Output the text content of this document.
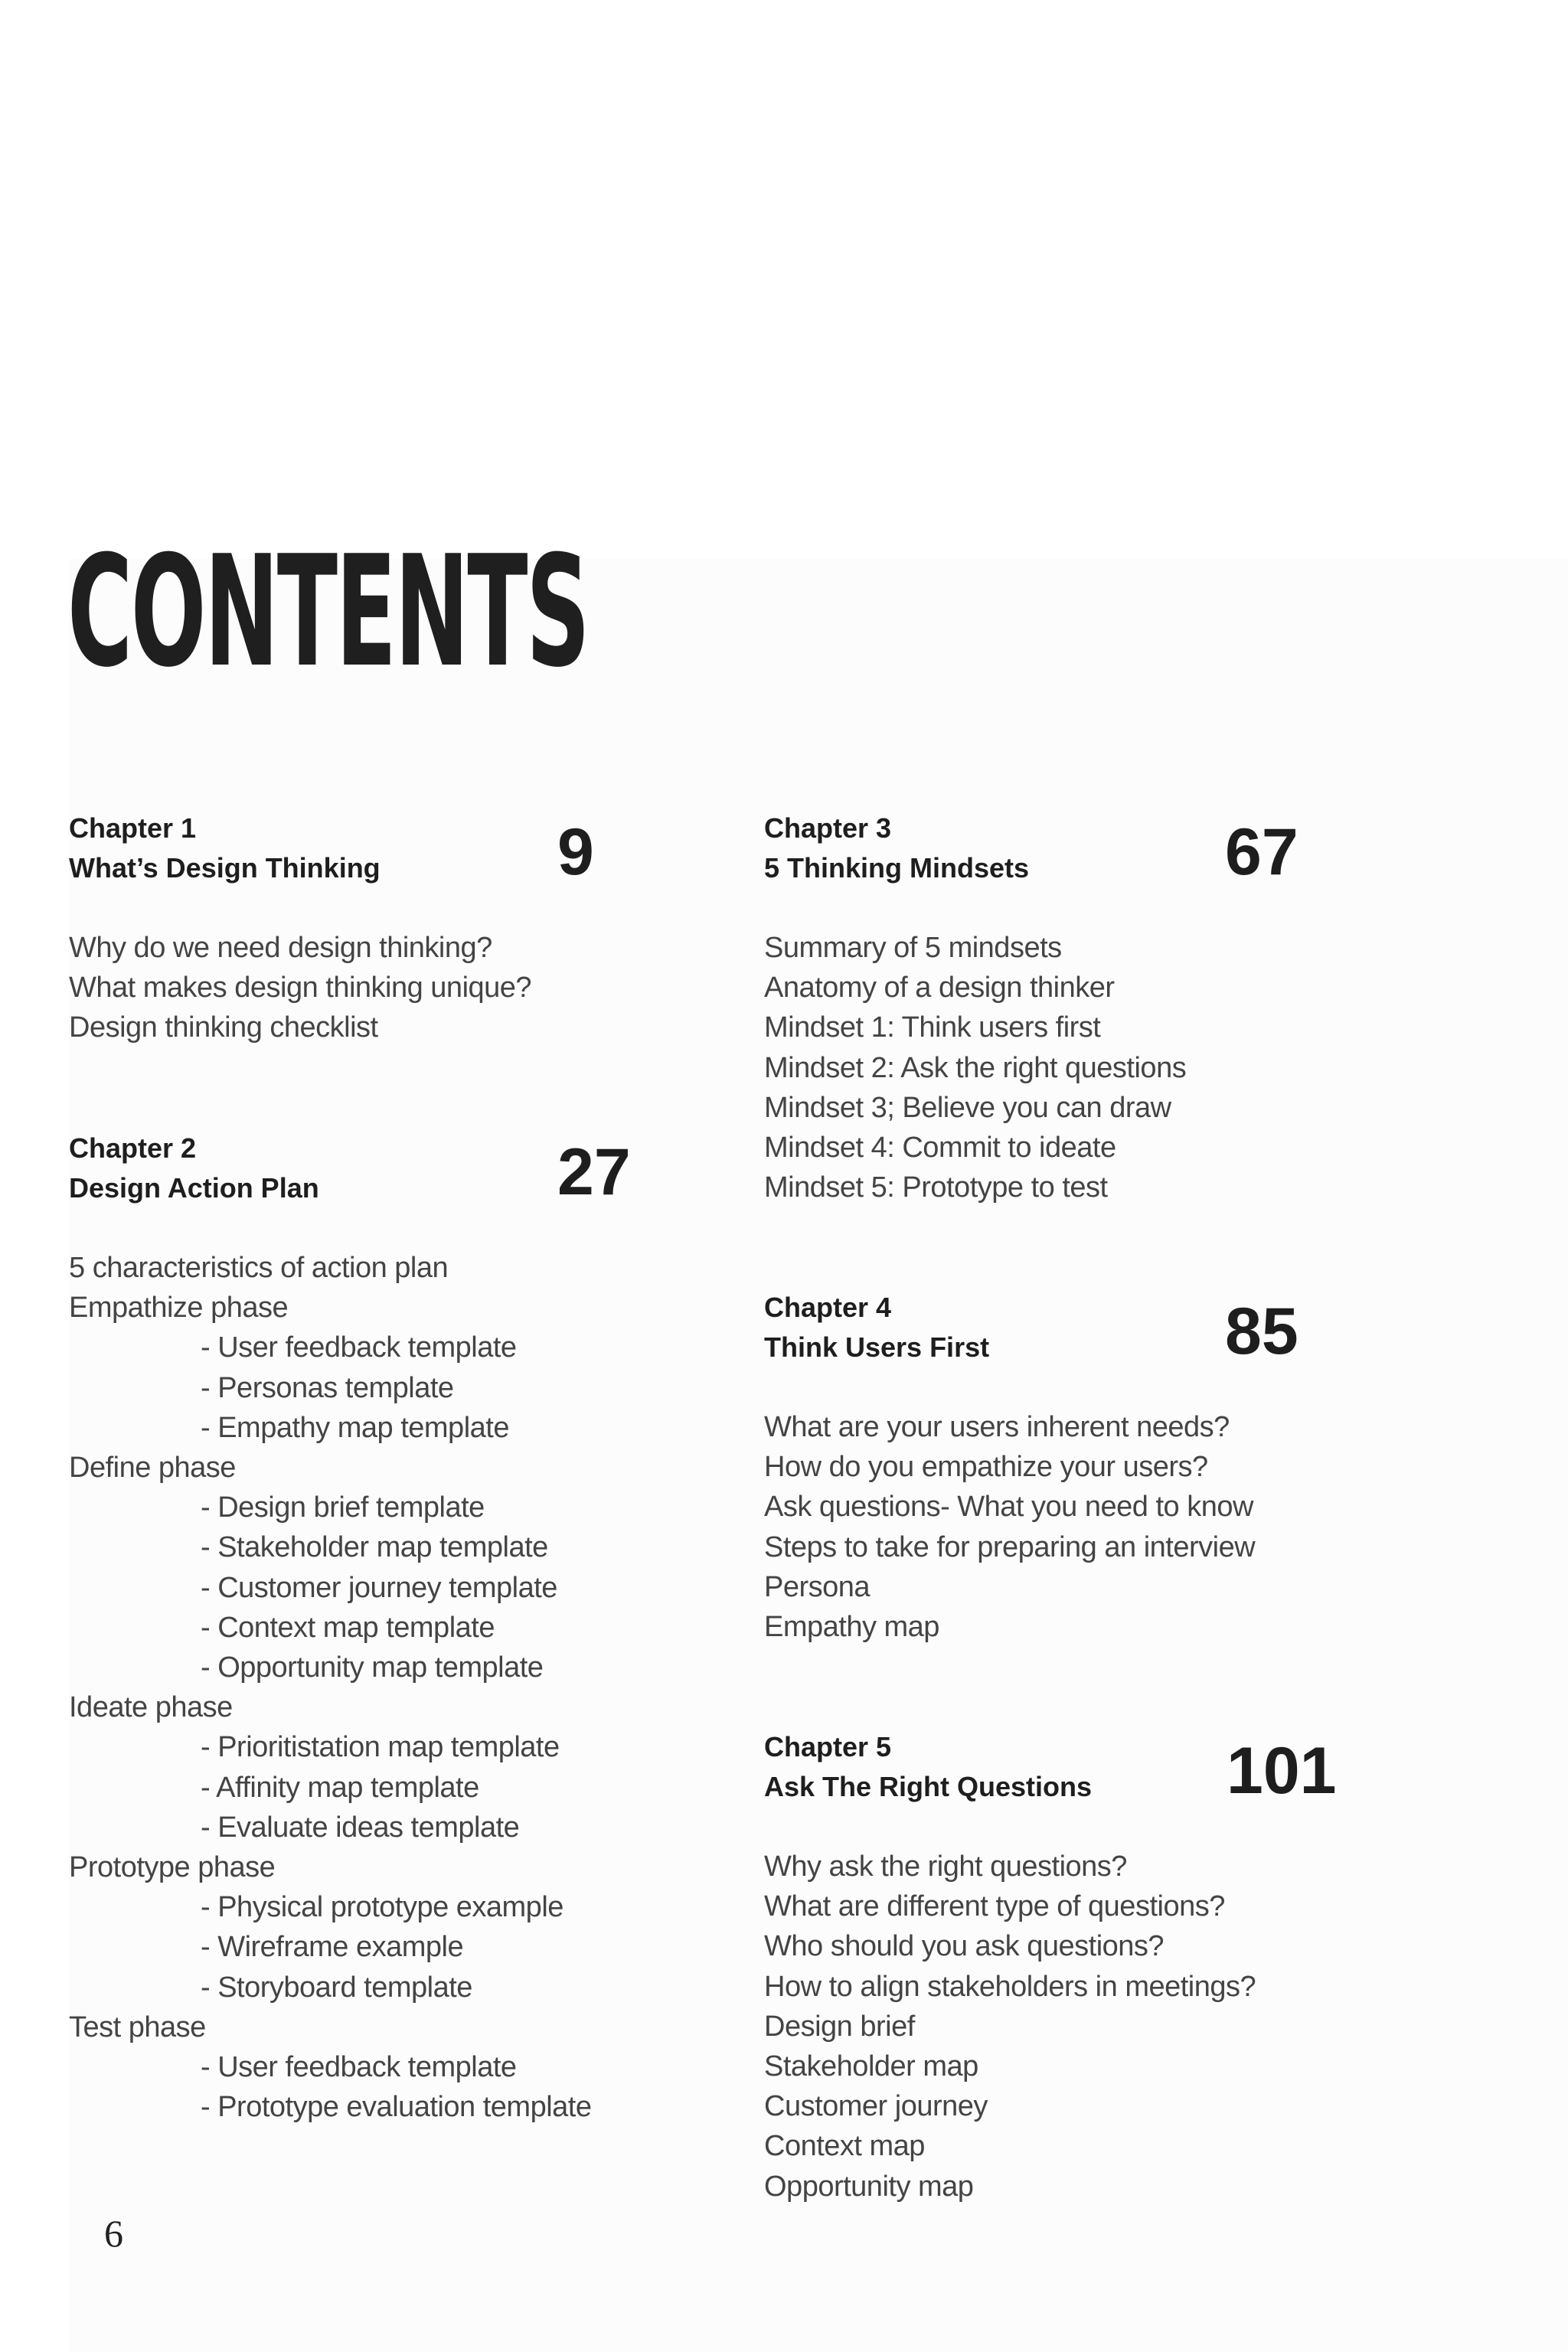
CONTENTS
Chapter 1
What’s Design Thinking	9
Why do we need design thinking?
What makes design thinking unique?
Design thinking checklist
Chapter 2
Design Action Plan	27
5 characteristics of action plan
Empathize phase
- User feedback template
- Personas template
- Empathy map template
Define phase
- Design brief template
- Stakeholder map template
- Customer journey template
- Context map template
- Opportunity map template
Ideate phase
- Prioritistation map template
- Affinity map template
- Evaluate ideas template
Prototype phase
- Physical prototype example
- Wireframe example
- Storyboard template
Test phase
- User feedback template
- Prototype evaluation template
Chapter 3
5 Thinking Mindsets	67
Summary of 5 mindsets
Anatomy of a design thinker
Mindset 1: Think users first
Mindset 2: Ask the right questions
Mindset 3; Believe you can draw
Mindset 4: Commit to ideate
Mindset 5: Prototype to test
Chapter 4
Think Users First	85
What are your users inherent needs?
How do you empathize your users?
Ask questions- What you need to know
Steps to take for preparing an interview
Persona
Empathy map
Chapter 5
Ask The Right Questions	101
Why ask the right questions?
What are different type of questions?
Who should you ask questions?
How to align stakeholders in meetings?
Design brief
Stakeholder map
Customer journey
Context map
Opportunity map
6
